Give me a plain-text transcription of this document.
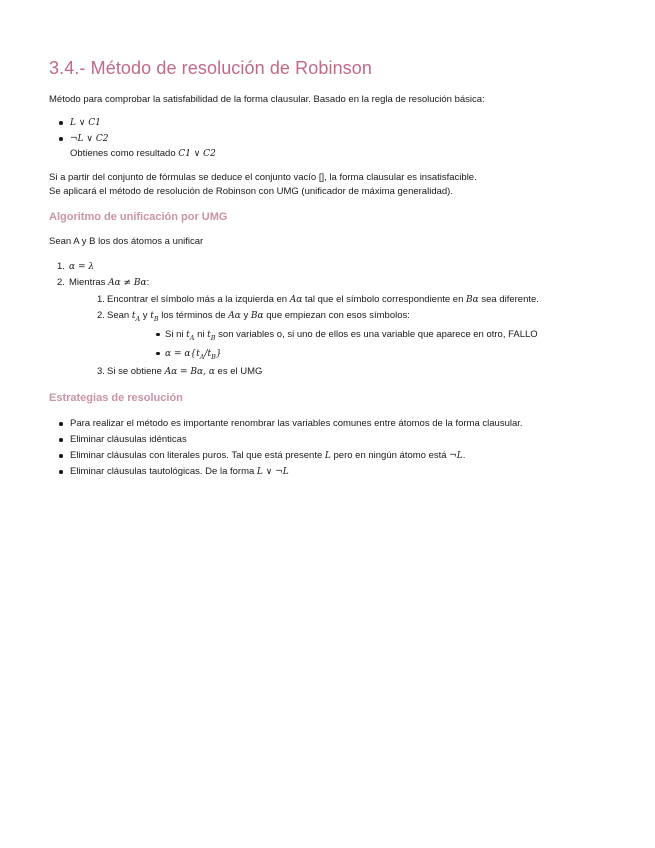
3.4.- Método de resolución de Robinson

Método para comprobar la satisfabilidad de la forma clausular. Basado en la regla de resolución básica:

L ∨ C1
¬L ∨ C2
Obtienes como resultado C1 ∨ C2

Si a partir del conjunto de fórmulas se deduce el conjunto vacío [], la forma clausular es insatisfacible.
Se aplicará el método de resolución de Robinson con UMG (unificador de máxima generalidad).

Algoritmo de unificación por UMG

Sean A y B los dos átomos a unificar

1. α = λ
2. Mientras Aα ≠ Bα:
1. Encontrar el símbolo más a la izquierda en Aα tal que el símbolo correspondiente en Bα sea diferente.
2. Sean $t_A$ y $t_B$ los términos de Aα y Bα que empiezan con esos símbolos:
Si ni $t_A$ ni $t_B$ son variables o, si uno de ellos es una variable que aparece en otro, FALLO
$\alpha = \alpha\{t_A/t_B\}$
3. Si se obtiene Aα = Bα, α es el UMG
Estrategias de resolución
Para realizar el método es importante renombrar las variables comunes entre átomos de la forma clausular.
Eliminar cláusulas idénticas
Eliminar cláusulas con literales puros. Tal que está presente L pero en ningún átomo está ¬L.
Eliminar cláusulas tautológicas. De la forma L ∨ ¬L
